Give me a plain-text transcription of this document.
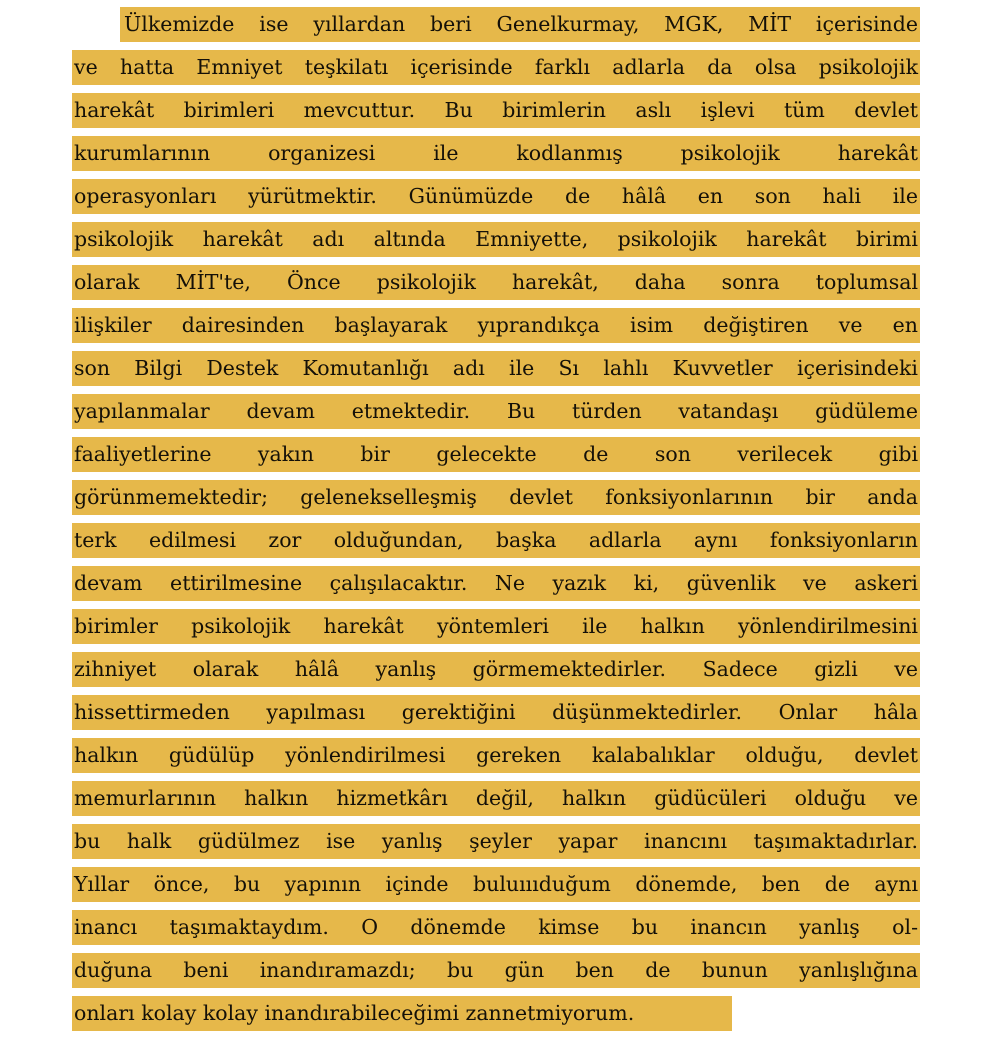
Ülkemizde ise yıllardan beri Genelkurmay, MGK, MİT içerisinde
ve hatta Emniyet teşkilatı içerisinde farklı adlarla da olsa psikolojik
harekât birimleri mevcuttur. Bu birimlerin aslı işlevi tüm devlet
kurumlarının organizesi ile kodlanmış psikolojik harekât
operasyonları yürütmektir. Günümüzde de hâlâ en son hali ile
psikolojik harekât adı altında Emniyette, psikolojik harekât birimi
olarak MİT'te, Önce psikolojik harekât, daha sonra toplumsal
ilişkiler dairesinden başlayarak yıprandıkça isim değiştiren ve en
son Bilgi Destek Komutanlığı adı ile Sı lahlı Kuvvetler içerisindeki
yapılanmalar devam etmektedir. Bu türden vatandaşı güdüleme
faaliyetlerine yakın bir gelecekte de son verilecek gibi
görünmemektedir; gelenekselleşmiş devlet fonksiyonlarının bir anda
terk edilmesi zor olduğundan, başka adlarla aynı fonksiyonların
devam ettirilmesine çalışılacaktır. Ne yazık ki, güvenlik ve askeri
birimler psikolojik harekât yöntemleri ile halkın yönlendirilmesini
zihniyet olarak hâlâ yanlış görmemektedirler. Sadece gizli ve
hissettirmeden yapılması gerektiğini düşünmektedirler. Onlar hâla
halkın güdülüp yönlendirilmesi gereken kalabalıklar olduğu, devlet
memurlarının halkın hizmetkârı değil, halkın güdücüleri olduğu ve
bu halk güdülmez ise yanlış şeyler yapar inancını taşımaktadırlar.
Yıllar önce, bu yapının içinde buluıııduğum dönemde, ben de aynı
inancı taşımaktaydım. O dönemde kimse bu inancın yanlış ol-
duğuna beni inandıramazdı; bu gün ben de bunun yanlışlığına
onları kolay kolay inandırabileceğimi zannetmiyorum.
